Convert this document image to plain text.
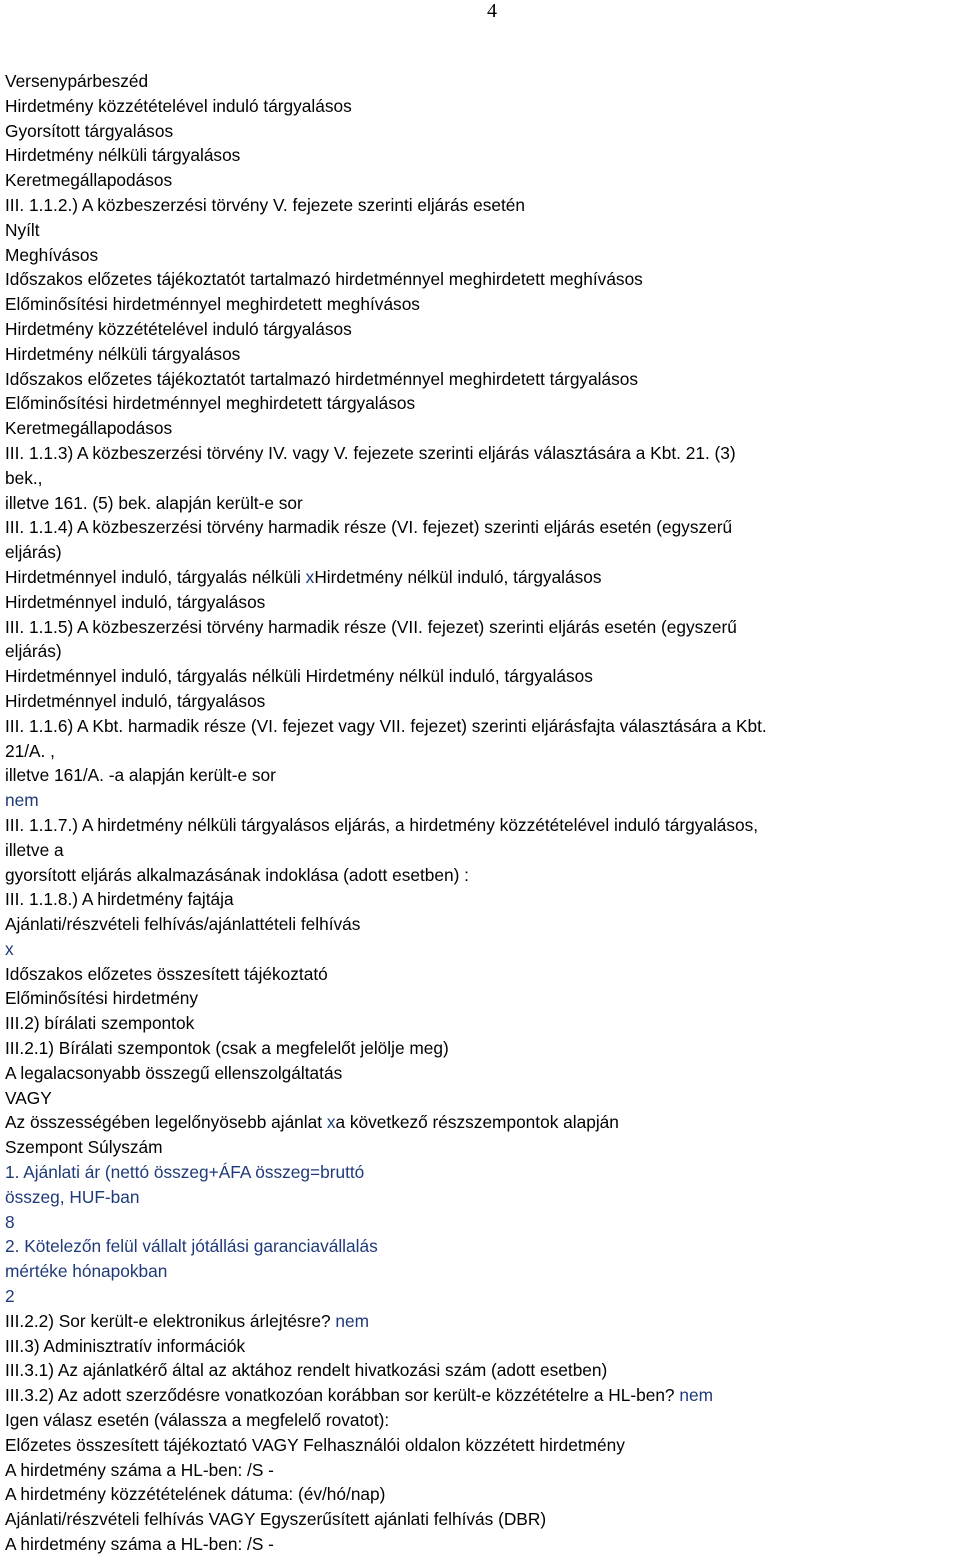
4
Versenypárbeszéd
Hirdetmény közzétételével induló tárgyalásos
Gyorsított tárgyalásos
Hirdetmény nélküli tárgyalásos
Keretmegállapodásos
III. 1.1.2.) A közbeszerzési törvény V. fejezete szerinti eljárás esetén
Nyílt
Meghívásos
Időszakos előzetes tájékoztatót tartalmazó hirdetménnyel meghirdetett meghívásos
Előminősítési hirdetménnyel meghirdetett meghívásos
Hirdetmény közzétételével induló tárgyalásos
Hirdetmény nélküli tárgyalásos
Időszakos előzetes tájékoztatót tartalmazó hirdetménnyel meghirdetett tárgyalásos
Előminősítési hirdetménnyel meghirdetett tárgyalásos
Keretmegállapodásos
III. 1.1.3) A közbeszerzési törvény IV. vagy V. fejezete szerinti eljárás választására a Kbt. 21. (3)
bek.,
illetve 161. (5) bek. alapján került-e sor
III. 1.1.4) A közbeszerzési törvény harmadik része (VI. fejezet) szerinti eljárás esetén (egyszerű
eljárás)
Hirdetménnyel induló, tárgyalás nélküli xHirdetmény nélkül induló, tárgyalásos
Hirdetménnyel induló, tárgyalásos
III. 1.1.5) A közbeszerzési törvény harmadik része (VII. fejezet) szerinti eljárás esetén (egyszerű
eljárás)
Hirdetménnyel induló, tárgyalás nélküli Hirdetmény nélkül induló, tárgyalásos
Hirdetménnyel induló, tárgyalásos
III. 1.1.6) A Kbt. harmadik része (VI. fejezet vagy VII. fejezet) szerinti eljárásfajta választására a Kbt.
21/A. ,
illetve 161/A. -a alapján került-e sor
nem
III. 1.1.7.) A hirdetmény nélküli tárgyalásos eljárás, a hirdetmény közzétételével induló tárgyalásos,
illetve a
gyorsított eljárás alkalmazásának indoklása (adott esetben) :
III. 1.1.8.) A hirdetmény fajtája
Ajánlati/részvételi felhívás/ajánlattételi felhívás
x
Időszakos előzetes összesített tájékoztató
Előminősítési hirdetmény
III.2) bírálati szempontok
III.2.1) Bírálati szempontok (csak a megfelelőt jelölje meg)
A legalacsonyabb összegű ellenszolgáltatás
VAGY
Az összességében legelőnyösebb ajánlat xa következő részszempontok alapján
Szempont Súlyszám
1. Ajánlati ár (nettó összeg+ÁFA összeg=bruttó
összeg, HUF-ban
8
2. Kötelezőn felül vállalt jótállási garanciavállalás
mértéke hónapokban
2
III.2.2) Sor került-e elektronikus árlejtésre? nem
III.3) Adminisztratív információk
III.3.1) Az ajánlatkérő által az aktához rendelt hivatkozási szám (adott esetben)
III.3.2) Az adott szerződésre vonatkozóan korábban sor került-e közzétételre a HL-ben? nem
Igen válasz esetén (válassza a megfelelő rovatot):
Előzetes összesített tájékoztató VAGY Felhasználói oldalon közzétett hirdetmény
A hirdetmény száma a HL-ben: /S -
A hirdetmény közzétételének dátuma: (év/hó/nap)
Ajánlati/részvételi felhívás VAGY Egyszerűsített ajánlati felhívás (DBR)
A hirdetmény száma a HL-ben: /S -
